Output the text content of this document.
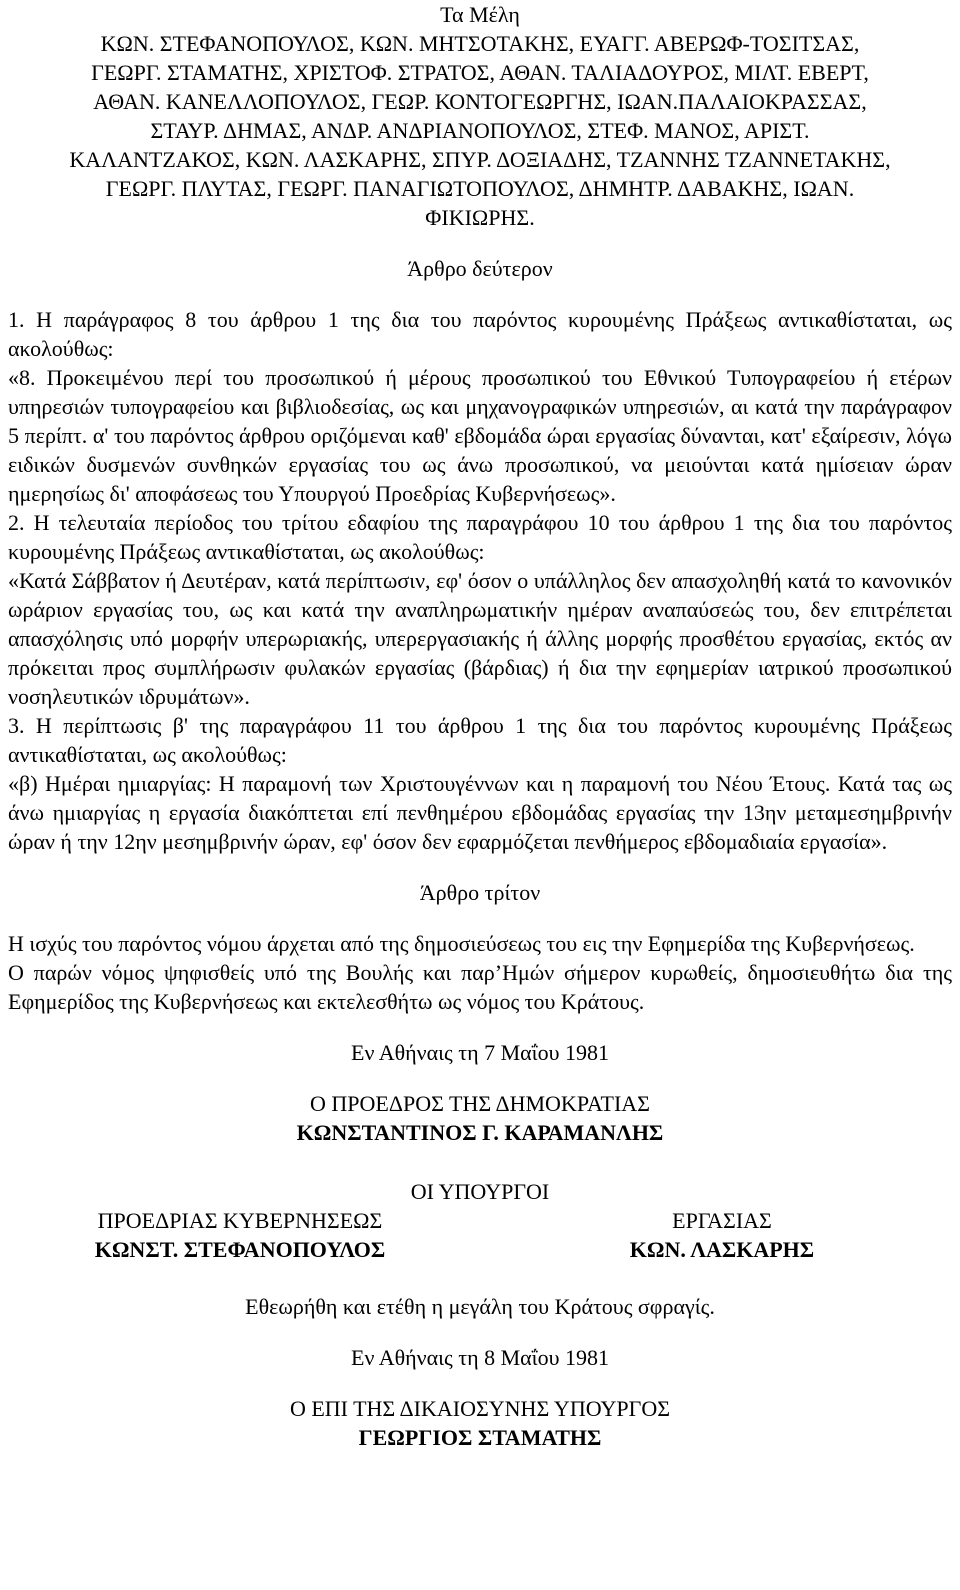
Τα Μέλη
ΚΩΝ. ΣΤΕΦΑΝΟΠΟΥΛΟΣ, ΚΩΝ. ΜΗΤΣΟΤΑΚΗΣ, ΕΥΑΓΓ. ΑΒΕΡΩΦ-ΤΟΣΙΤΣΑΣ,
ΓΕΩΡΓ. ΣΤΑΜΑΤΗΣ, ΧΡΙΣΤΟΦ. ΣΤΡΑΤΟΣ, ΑΘΑΝ. ΤΑΛΙΑΔΟΥΡΟΣ, ΜΙΛΤ. ΕΒΕΡΤ,
ΑΘΑΝ. ΚΑΝΕΛΛΟΠΟΥΛΟΣ, ΓΕΩΡ. ΚΟΝΤΟΓΕΩΡΓΗΣ, ΙΩΑΝ.ΠΑΛΑΙΟΚΡΑΣΣΑΣ,
ΣΤΑΥΡ. ΔΗΜΑΣ, ΑΝΔΡ. ΑΝΔΡΙΑΝΟΠΟΥΛΟΣ, ΣΤΕΦ. ΜΑΝΟΣ, ΑΡΙΣΤ.
ΚΑΛΑΝΤΖΑΚΟΣ, ΚΩΝ. ΛΑΣΚΑΡΗΣ, ΣΠΥΡ. ΔΟΞΙΑΔΗΣ, ΤΖΑΝΝΗΣ ΤΖΑΝΝΕΤΑΚΗΣ,
ΓΕΩΡΓ. ΠΛΥΤΑΣ, ΓΕΩΡΓ. ΠΑΝΑΓΙΩΤΟΠΟΥΛΟΣ, ΔΗΜΗΤΡ. ΔΑΒΑΚΗΣ, ΙΩΑΝ.
ΦΙΚΙΩΡΗΣ.
Άρθρο δεύτερον

1. Η παράγραφος 8 του άρθρου 1 της δια του παρόντος κυρουμένης Πράξεως αντικαθίσταται, ως ακολούθως:

«8. Προκειμένου περί του προσωπικού ή μέρους προσωπικού του Εθνικού Τυπογραφείου ή ετέρων υπηρεσιών τυπογραφείου και βιβλιοδεσίας, ως και μηχανογραφικών υπηρεσιών, αι κατά την παράγραφον 5 περίπτ. α' του παρόντος άρθρου οριζόμεναι καθ' εβδομάδα ώραι εργασίας δύνανται, κατ' εξαίρεσιν, λόγω ειδικών δυσμενών συνθηκών εργασίας του ως άνω προσωπικού, να μειούνται κατά ημίσειαν ώραν ημερησίως δι' αποφάσεως του Υπουργού Προεδρίας Κυβερνήσεως».

2. Η τελευταία περίοδος του τρίτου εδαφίου της παραγράφου 10 του άρθρου 1 της δια του παρόντος κυρουμένης Πράξεως αντικαθίσταται, ως ακολούθως:

«Κατά Σάββατον ή Δευτέραν, κατά περίπτωσιν, εφ' όσον ο υπάλληλος δεν απασχοληθή κατά το κανονικόν ωράριον εργασίας του, ως και κατά την αναπληρωματικήν ημέραν αναπαύσεώς του, δεν επιτρέπεται απασχόλησις υπό μορφήν υπερωριακής, υπερεργασιακής ή άλλης μορφής προσθέτου εργασίας, εκτός αν πρόκειται προς συμπλήρωσιν φυλακών εργασίας (βάρδιας) ή δια την εφημερίαν ιατρικού προσωπικού νοσηλευτικών ιδρυμάτων».

3. Η περίπτωσις β' της παραγράφου 11 του άρθρου 1 της δια του παρόντος κυρουμένης Πράξεως αντικαθίσταται, ως ακολούθως:

«β) Ημέραι ημιαργίας: Η παραμονή των Χριστουγέννων και η παραμονή του Νέου Έτους. Κατά τας ως άνω ημιαργίας η εργασία διακόπτεται επί πενθημέρου εβδομάδας εργασίας την 13ην μεταμεσημβρινήν ώραν ή την 12ην μεσημβρινήν ώραν, εφ' όσον δεν εφαρμόζεται πενθήμερος εβδομαδιαία εργασία».

Άρθρο τρίτον

Η ισχύς του παρόντος νόμου άρχεται από της δημοσιεύσεως του εις την Εφημερίδα της Κυβερνήσεως.

Ο παρών νόμος ψηφισθείς υπό της Βουλής και παρ’Ημών σήμερον κυρωθείς, δημοσιευθήτω δια της Εφημερίδος της Κυβερνήσεως και εκτελεσθήτω ως νόμος του Κράτους.

Εν Αθήναις τη 7 Μαΐου 1981
Ο ΠΡΟΕΔΡΟΣ ΤΗΣ ΔΗΜΟΚΡΑΤΙΑΣ
ΚΩΝΣΤΑΝΤΙΝΟΣ Γ. ΚΑΡΑΜΑΝΛΗΣ
ΟΙ ΥΠΟΥΡΓΟΙ
ΠΡΟΕΔΡΙΑΣ ΚΥΒΕΡΝΗΣΕΩΣ
ΚΩΝΣΤ. ΣΤΕΦΑΝΟΠΟΥΛΟΣ
ΕΡΓΑΣΙΑΣ
ΚΩΝ. ΛΑΣΚΑΡΗΣ
Εθεωρήθη και ετέθη η μεγάλη του Κράτους σφραγίς.
Εν Αθήναις τη 8 Μαΐου 1981
Ο ΕΠΙ ΤΗΣ ΔΙΚΑΙΟΣΥΝΗΣ ΥΠΟΥΡΓΟΣ
ΓΕΩΡΓΙΟΣ ΣΤΑΜΑΤΗΣ
